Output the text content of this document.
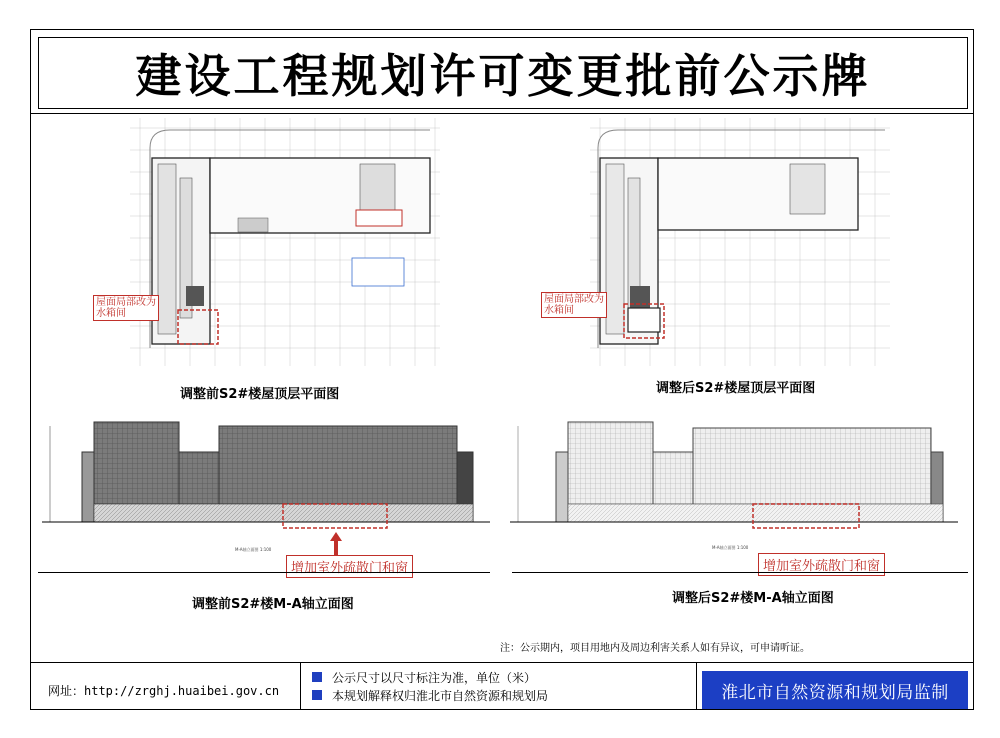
建设工程规划许可变更批前公示牌
屋面局部改为水箱间
调整前S2#楼屋顶层平面图
屋面局部改为水箱间
调整后S2#楼屋顶层平面图
增加室外疏散门和窗
M-A轴立面图 1:100
调整前S2#楼M-A轴立面图
增加室外疏散门和窗
M-A轴立面图 1:100
调整后S2#楼M-A轴立面图
注：公示期内，项目用地内及周边利害关系人如有异议，可申请听证。
网址：http://zrghj.huaibei.gov.cn
公示尺寸以尺寸标注为准，单位（米）
本规划解释权归淮北市自然资源和规划局	淮北市自然资源和规划局监制
